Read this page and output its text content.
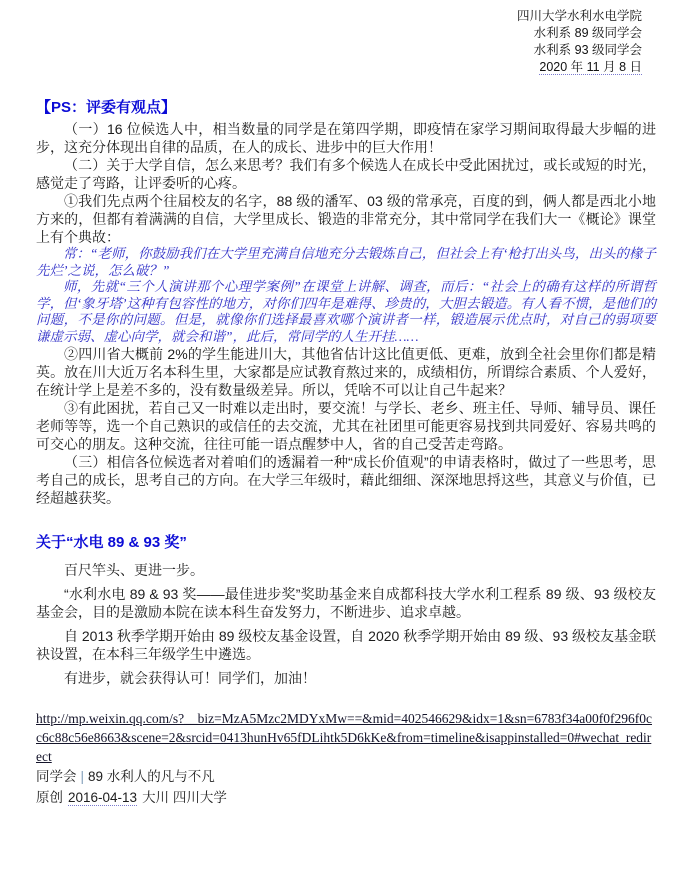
四川大学水利水电学院
水利系 89 级同学会
水利系 93 级同学会
2020 年 11 月 8 日
【PS：评委有观点】

（一）16 位候选人中，相当数量的同学是在第四学期，即疫情在家学习期间取得最大步幅的进步，这充分体现出自律的品质，在人的成长、进步中的巨大作用！

（二）关于大学自信，怎么来思考？我们有多个候选人在成长中受此困扰过，或长或短的时光，感觉走了弯路，让评委听的心疼。

①我们先点两个往届校友的名字，88 级的潘军、03 级的常承亮，百度的到，俩人都是西北小地方来的，但都有着满满的自信，大学里成长、锻造的非常充分，其中常同学在我们大一《概论》课堂上有个典故：

常：“老师，你鼓励我们在大学里充满自信地充分去锻炼自己，但社会上有‘枪打出头鸟，出头的椽子先烂’之说，怎么破？”

师，先就“三个人演讲那个心理学案例”在课堂上讲解、调查，而后：“社会上的确有这样的所谓哲学，但‘象牙塔’这种有包容性的地方，对你们四年是难得、珍贵的，大胆去锻造。有人看不惯，是他们的问题，不是你的问题。但是，就像你们选择最喜欢哪个演讲者一样，锻造展示优点时，对自己的弱项要谦虚示弱、虚心向学，就会和谐”，此后，常同学的人生开挂……

②四川省大概前 2%的学生能进川大，其他省估计这比值更低、更难，放到全社会里你们都是精英。放在川大近万名本科生里，大家都是应试教育熬过来的，成绩相仿，所谓综合素质、个人爱好，在统计学上是差不多的，没有数量级差异。所以，凭啥不可以让自己牛起来？

③有此困扰，若自己又一时难以走出时，要交流！与学长、老乡、班主任、导师、辅导员、课任老师等等，选一个自己熟识的或信任的去交流，尤其在社团里可能更容易找到共同爱好、容易共鸣的可交心的朋友。这种交流，往往可能一语点醒梦中人，省的自己受苦走弯路。

（三）相信各位候选者对着咱们的透漏着一种“成长价值观”的申请表格时，做过了一些思考，思考自己的成长，思考自己的方向。在大学三年级时，藉此细细、深深地思捋这些，其意义与价值，已经超越获奖。

关于“水电 89 & 93 奖”

百尺竿头、更进一步。

“水利水电 89 & 93 奖——最佳进步奖”奖助基金来自成都科技大学水利工程系 89 级、93 级校友基金会，目的是激励本院在读本科生奋发努力，不断进步、追求卓越。

自 2013 秋季学期开始由 89 级校友基金设置，自 2020 秋季学期开始由 89 级、93 级校友基金联袂设置，在本科三年级学生中遴选。

有进步，就会获得认可！同学们，加油！

http://mp.weixin.qq.com/s?__biz=MzA5Mzc2MDYxMw==&mid=402546629&idx=1&sn=6783f34a00f0f296f0cc6c88c56e8663&scene=2&srcid=0413hunHv65fDLihtk5D6kKe&from=timeline&isappinstalled=0#wechat_redirect
同学会 | 89 水利人的凡与不凡
原创 2016-04-13 大川 四川大学
